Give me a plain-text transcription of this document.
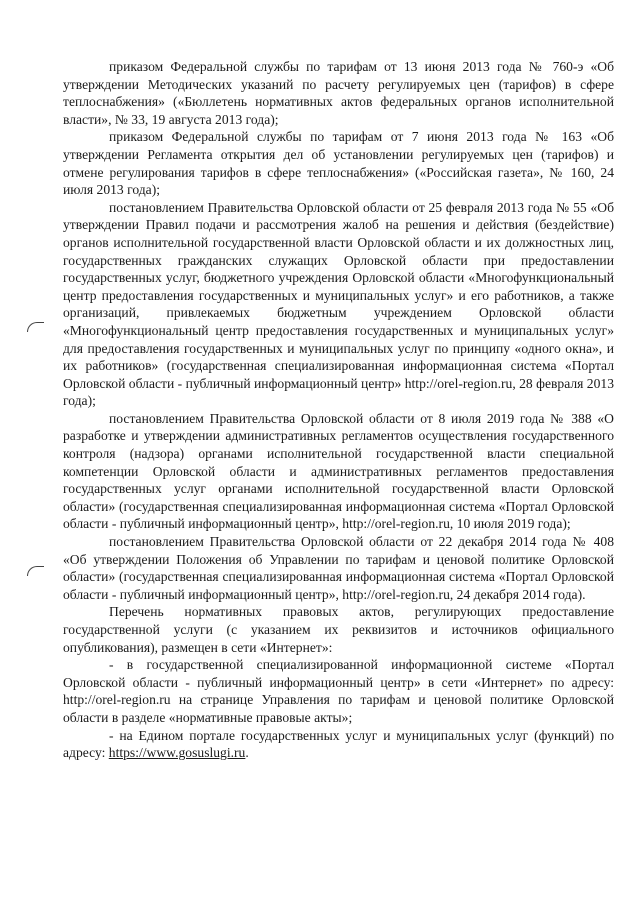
приказом Федеральной службы по тарифам от 13 июня 2013 года № 760-э «Об утверждении Методических указаний по расчету регулируемых цен (тарифов) в сфере теплоснабжения» («Бюллетень нормативных актов федеральных органов исполнительной власти», № 33, 19 августа 2013 года);

приказом Федеральной службы по тарифам от 7 июня 2013 года № 163 «Об утверждении Регламента открытия дел об установлении регулируемых цен (тарифов) и отмене регулирования тарифов в сфере теплоснабжения» («Российская газета», № 160, 24 июля 2013 года);

постановлением Правительства Орловской области от 25 февраля 2013 года № 55 «Об утверждении Правил подачи и рассмотрения жалоб на решения и действия (бездействие) органов исполнительной государственной власти Орловской области и их должностных лиц, государственных гражданских служащих Орловской области при предоставлении государственных услуг, бюджетного учреждения Орловской области «Многофункциональный центр предоставления государственных и муниципальных услуг» и его работников, а также организаций, привлекаемых бюджетным учреждением Орловской области «Многофункциональный центр предоставления государственных и муниципальных услуг» для предоставления государственных и муниципальных услуг по принципу «одного окна», и их работников» (государственная специализированная информационная система «Портал Орловской области - публичный информационный центр» http://orel-region.ru, 28 февраля 2013 года);

постановлением Правительства Орловской области от 8 июля 2019 года № 388 «О разработке и утверждении административных регламентов осуществления государственного контроля (надзора) органами исполнительной государственной власти специальной компетенции Орловской области и административных регламентов предоставления государственных услуг органами исполнительной государственной власти Орловской области» (государственная специализированная информационная система «Портал Орловской области - публичный информационный центр», http://orel-region.ru, 10 июля 2019 года);

постановлением Правительства Орловской области от 22 декабря 2014 года № 408 «Об утверждении Положения об Управлении по тарифам и ценовой политике Орловской области» (государственная специализированная информационная система «Портал Орловской области - публичный информационный центр», http://orel-region.ru, 24 декабря 2014 года).

Перечень нормативных правовых актов, регулирующих предоставление государственной услуги (с указанием их реквизитов и источников официального опубликования), размещен в сети «Интернет»:

- в государственной специализированной информационной системе «Портал Орловской области - публичный информационный центр» в сети «Интернет» по адресу: http://orel-region.ru на странице Управления по тарифам и ценовой политике Орловской области в разделе «нормативные правовые акты»;

- на Едином портале государственных услуг и муниципальных услуг (функций) по адресу: https://www.gosuslugi.ru.
